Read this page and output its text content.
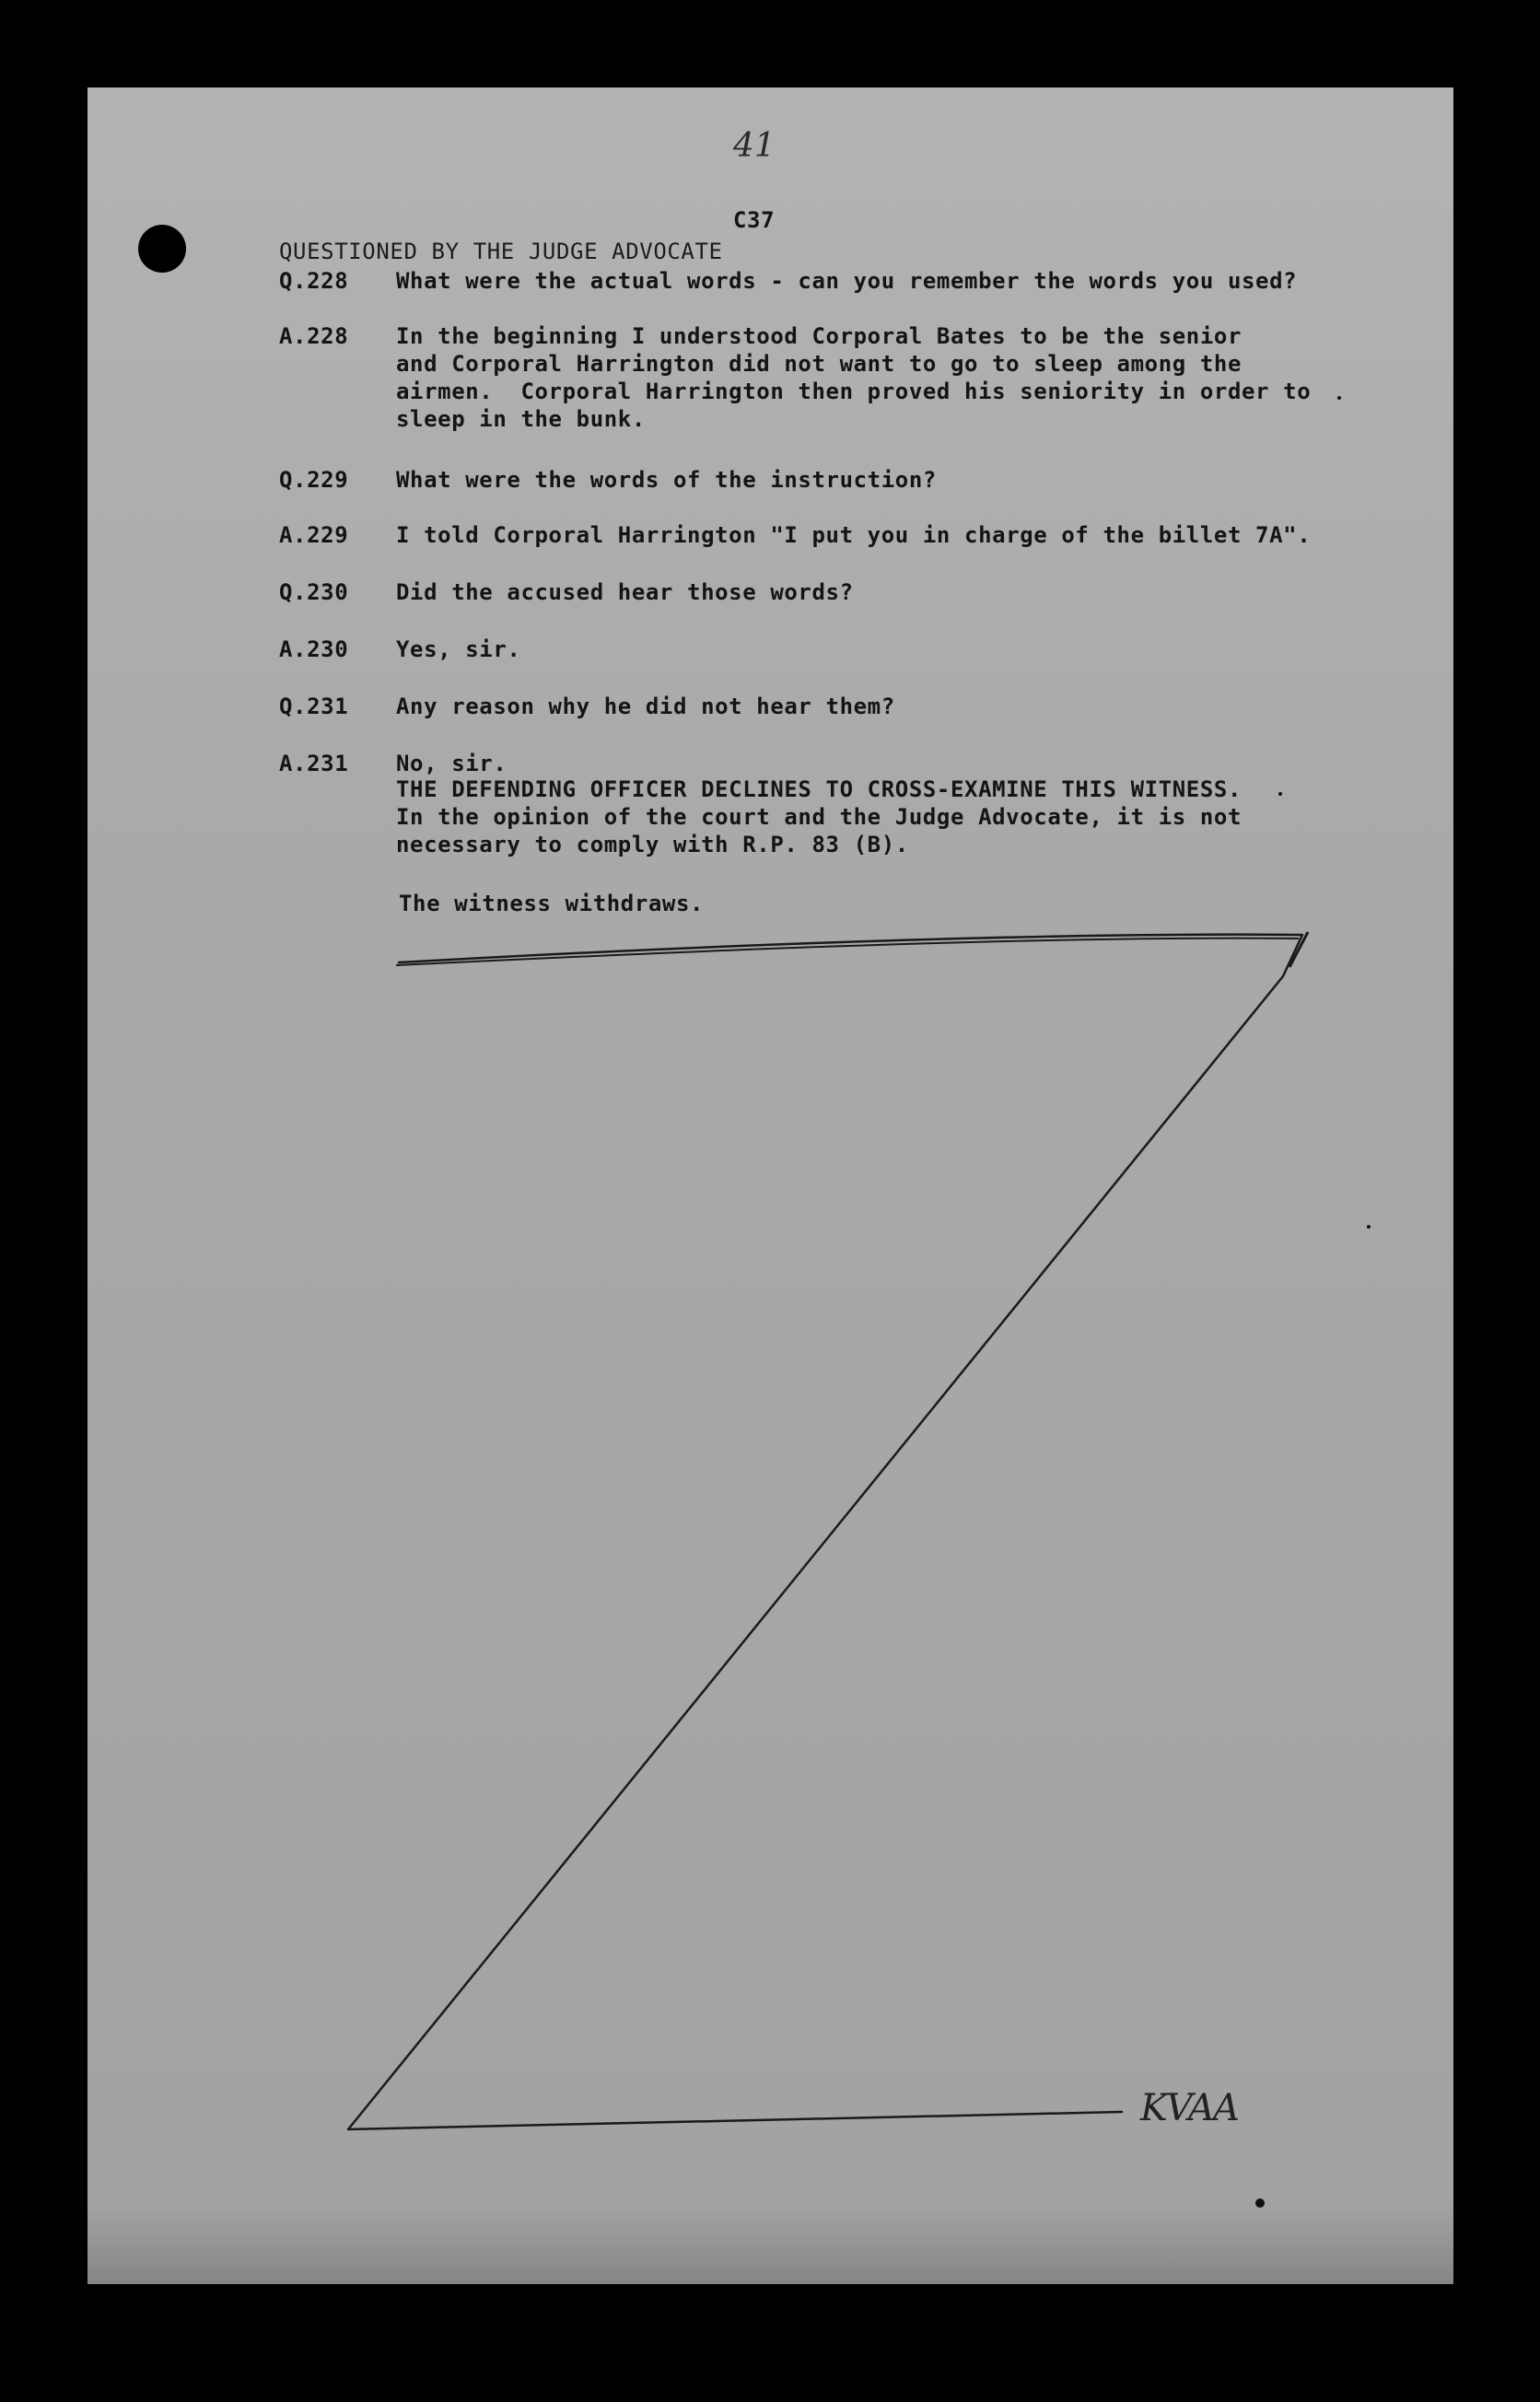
41
C37
QUESTIONED BY THE JUDGE ADVOCATE
Q.228	What were the actual words - can you remember the words you used?
A.228	In the beginning I understood Corporal Bates to be the senior
and Corporal Harrington did not want to go to sleep among the
airmen.  Corporal Harrington then proved his seniority in order to
sleep in the bunk.
Q.229	What were the words of the instruction?
A.229	I told Corporal Harrington "I put you in charge of the billet 7A".
Q.230	Did the accused hear those words?
A.230	Yes, sir.
Q.231	Any reason why he did not hear them?
A.231	No, sir.
THE DEFENDING OFFICER DECLINES TO CROSS-EXAMINE THIS WITNESS.
In the opinion of the court and the Judge Advocate, it is not
necessary to comply with R.P. 83 (B).
The witness withdraws.
KVAA
